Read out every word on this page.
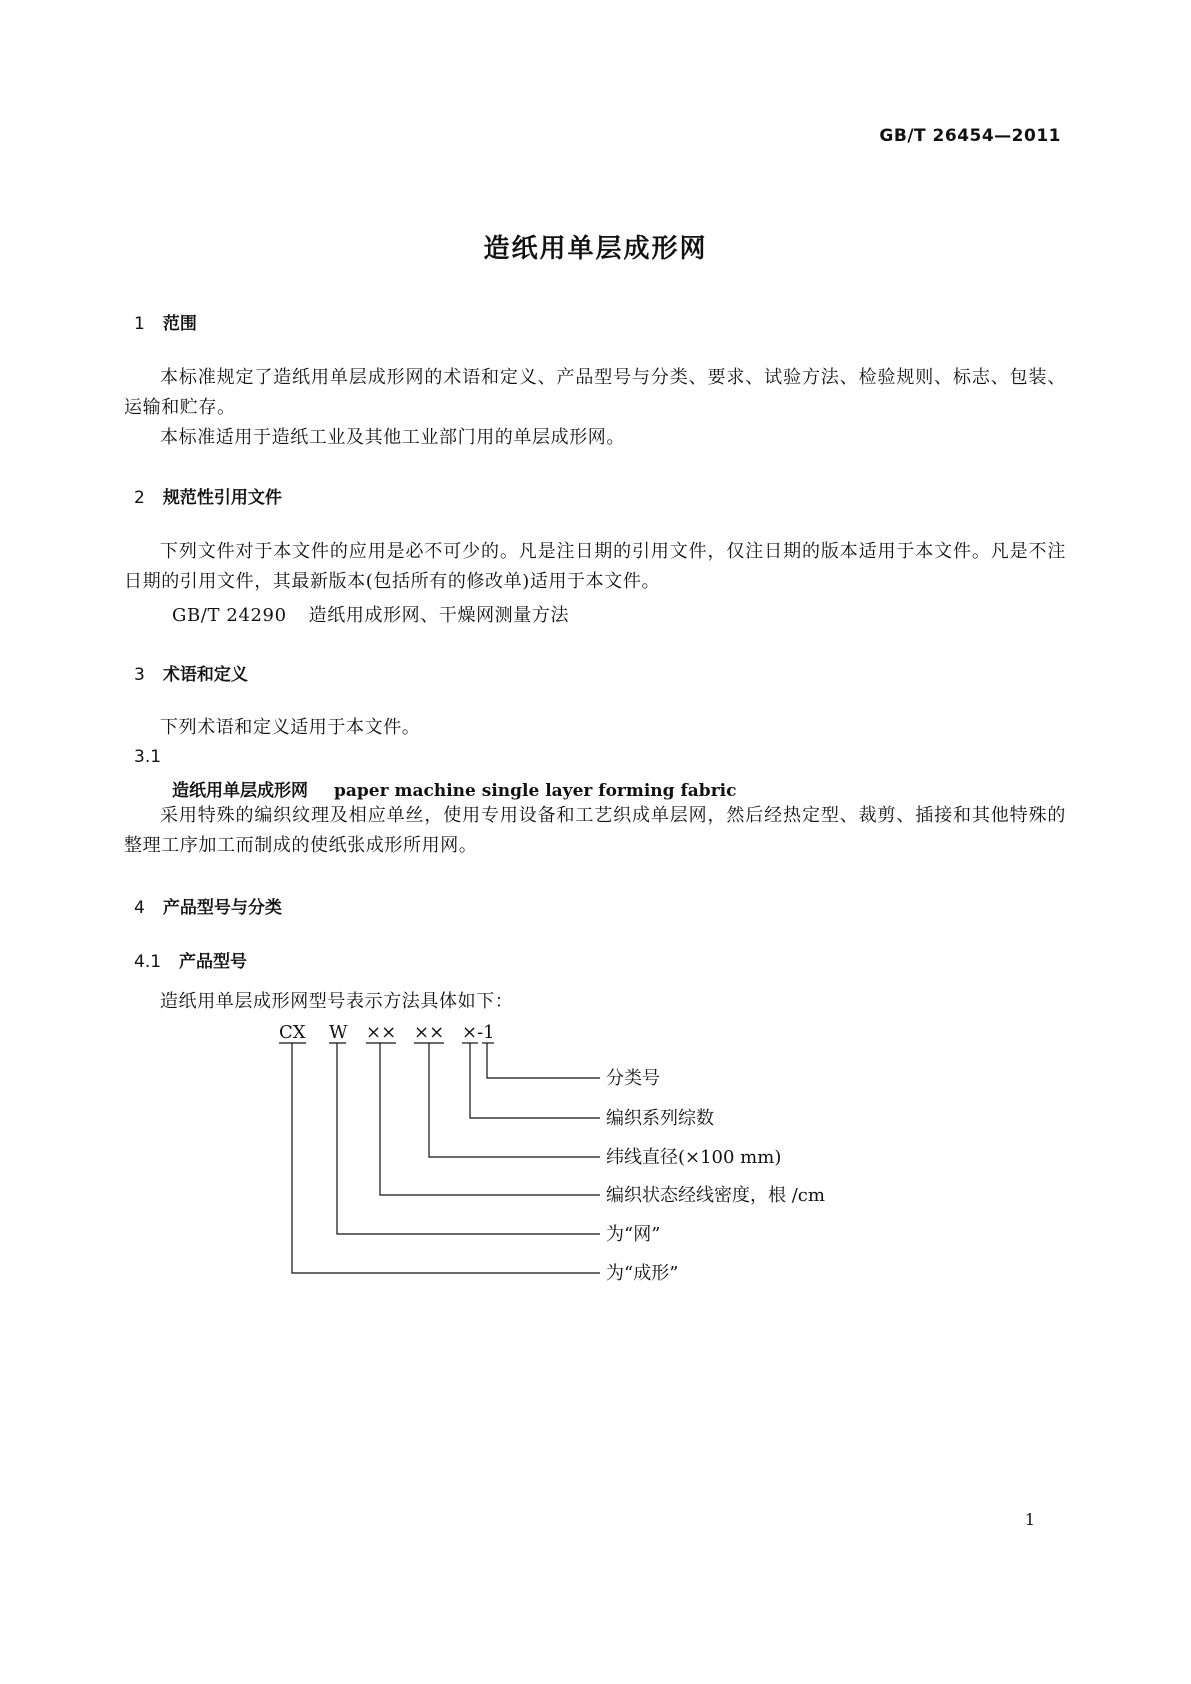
GB/T 26454—2011
造纸用单层成形网
1 范围
本标准规定了造纸用单层成形网的术语和定义、产品型号与分类、要求、试验方法、检验规则、标志、包装、运输和贮存。
本标准适用于造纸工业及其他工业部门用的单层成形网。
2 规范性引用文件
下列文件对于本文件的应用是必不可少的。凡是注日期的引用文件，仅注日期的版本适用于本文件。凡是不注日期的引用文件，其最新版本(包括所有的修改单)适用于本文件。
GB/T 24290 造纸用成形网、干燥网测量方法
3 术语和定义
下列术语和定义适用于本文件。
3.1
造纸用单层成形网 paper machine single layer forming fabric
采用特殊的编织纹理及相应单丝，使用专用设备和工艺织成单层网，然后经热定型、裁剪、插接和其他特殊的整理工序加工而制成的使纸张成形所用网。
4 产品型号与分类
4.1 产品型号
造纸用单层成形网型号表示方法具体如下：
CX W ×× ×× ×-1
分类号
编织系列综数
纬线直径(×100 mm)
编织状态经线密度，根 /cm
为“网”
为“成形”
1
